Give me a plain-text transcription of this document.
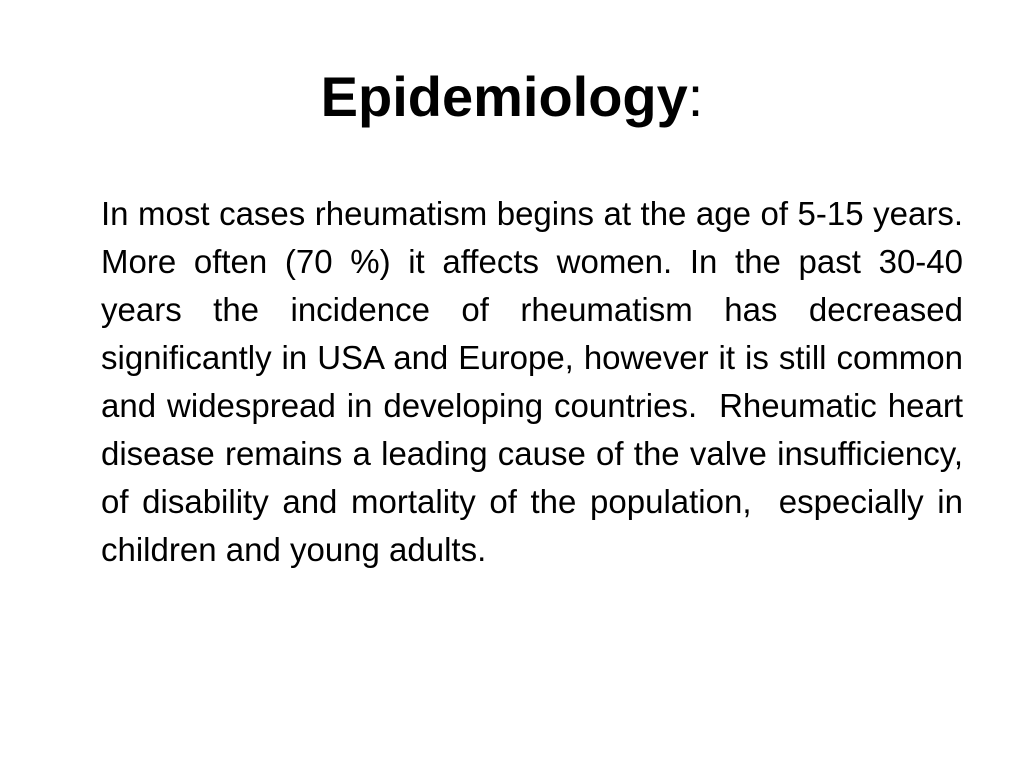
Epidemiology:

In most cases rheumatism begins at the age of 5-15 years. More often (70 %) it affects women. In the past 30-40 years the incidence of rheumatism has decreased significantly in USA and Europe, however it is still common and widespread in developing countries.  Rheumatic heart disease remains a leading cause of the valve insufficiency, of disability and mortality of the population,  especially in children and young adults.
